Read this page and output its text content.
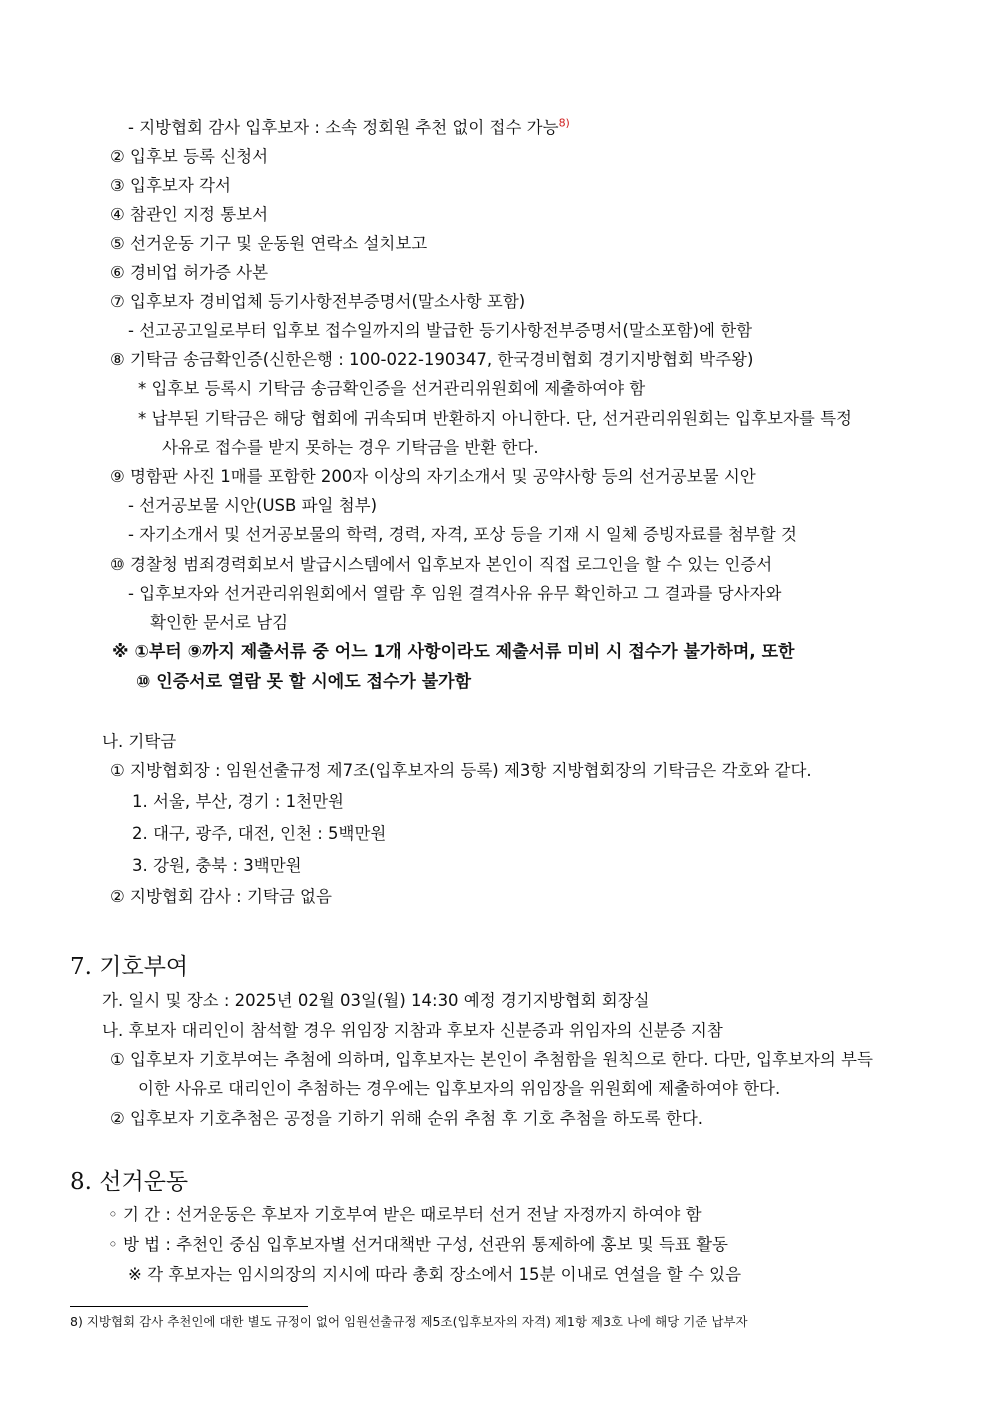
- 지방협회 감사 입후보자 : 소속 정회원 추천 없이 접수 가능$^{8)}$
② 입후보 등록 신청서
③ 입후보자 각서
④ 참관인 지정 통보서
⑤ 선거운동 기구 및 운동원 연락소 설치보고
⑥ 경비업 허가증 사본
⑦ 입후보자 경비업체 등기사항전부증명서(말소사항 포함)
- 선고공고일로부터 입후보 접수일까지의 발급한 등기사항전부증명서(말소포함)에 한함
⑧ 기탁금 송금확인증(신한은행 : 100-022-190347, 한국경비협회 경기지방협회 박주왕)
* 입후보 등록시 기탁금 송금확인증을 선거관리위원회에 제출하여야 함
* 납부된 기탁금은 해당 협회에 귀속되며 반환하지 아니한다. 단, 선거관리위원회는 입후보자를 특정
사유로 접수를 받지 못하는 경우 기탁금을 반환 한다.
⑨ 명함판 사진 1매를 포함한 200자 이상의 자기소개서 및 공약사항 등의 선거공보물 시안
- 선거공보물 시안(USB 파일 첨부)
- 자기소개서 및 선거공보물의 학력, 경력, 자격, 포상 등을 기재 시 일체 증빙자료를 첨부할 것
⑩ 경찰청 범죄경력회보서 발급시스템에서 입후보자 본인이 직접 로그인을 할 수 있는 인증서
- 입후보자와 선거관리위원회에서 열람 후 임원 결격사유 유무 확인하고 그 결과를 당사자와
확인한 문서로 남김
※ ①부터 ⑨까지 제출서류 중 어느 1개 사항이라도 제출서류 미비 시 접수가 불가하며, 또한
⑩ 인증서로 열람 못 할 시에도 접수가 불가함
나. 기탁금
① 지방협회장 : 임원선출규정 제7조(입후보자의 등록) 제3항 지방협회장의 기탁금은 각호와 같다.
1. 서울, 부산, 경기 : 1천만원
2. 대구, 광주, 대전, 인천 : 5백만원
3. 강원, 충북 : 3백만원
② 지방협회 감사 : 기탁금 없음
7. 기호부여
가. 일시 및 장소 : 2025년 02월 03일(월) 14:30 예정 경기지방협회 회장실
나. 후보자 대리인이 참석할 경우 위임장 지참과 후보자 신분증과 위임자의 신분증 지참
① 입후보자 기호부여는 추첨에 의하며, 입후보자는 본인이 추첨함을 원칙으로 한다. 다만, 입후보자의 부득
이한 사유로 대리인이 추첨하는 경우에는 입후보자의 위임장을 위원회에 제출하여야 한다.
② 입후보자 기호추첨은 공정을 기하기 위해 순위 추첨 후 기호 추첨을 하도록 한다.
8. 선거운동
◦ 기 간 : 선거운동은 후보자 기호부여 받은 때로부터 선거 전날 자정까지 하여야 함
◦ 방 법 : 추천인 중심 입후보자별 선거대책반 구성, 선관위 통제하에 홍보 및 득표 활동
※ 각 후보자는 임시의장의 지시에 따라 총회 장소에서 15분 이내로 연설을 할 수 있음
8) 지방협회 감사 추천인에 대한 별도 규정이 없어 임원선출규정 제5조(입후보자의 자격) 제1항 제3호 나에 해당 기준 납부자
